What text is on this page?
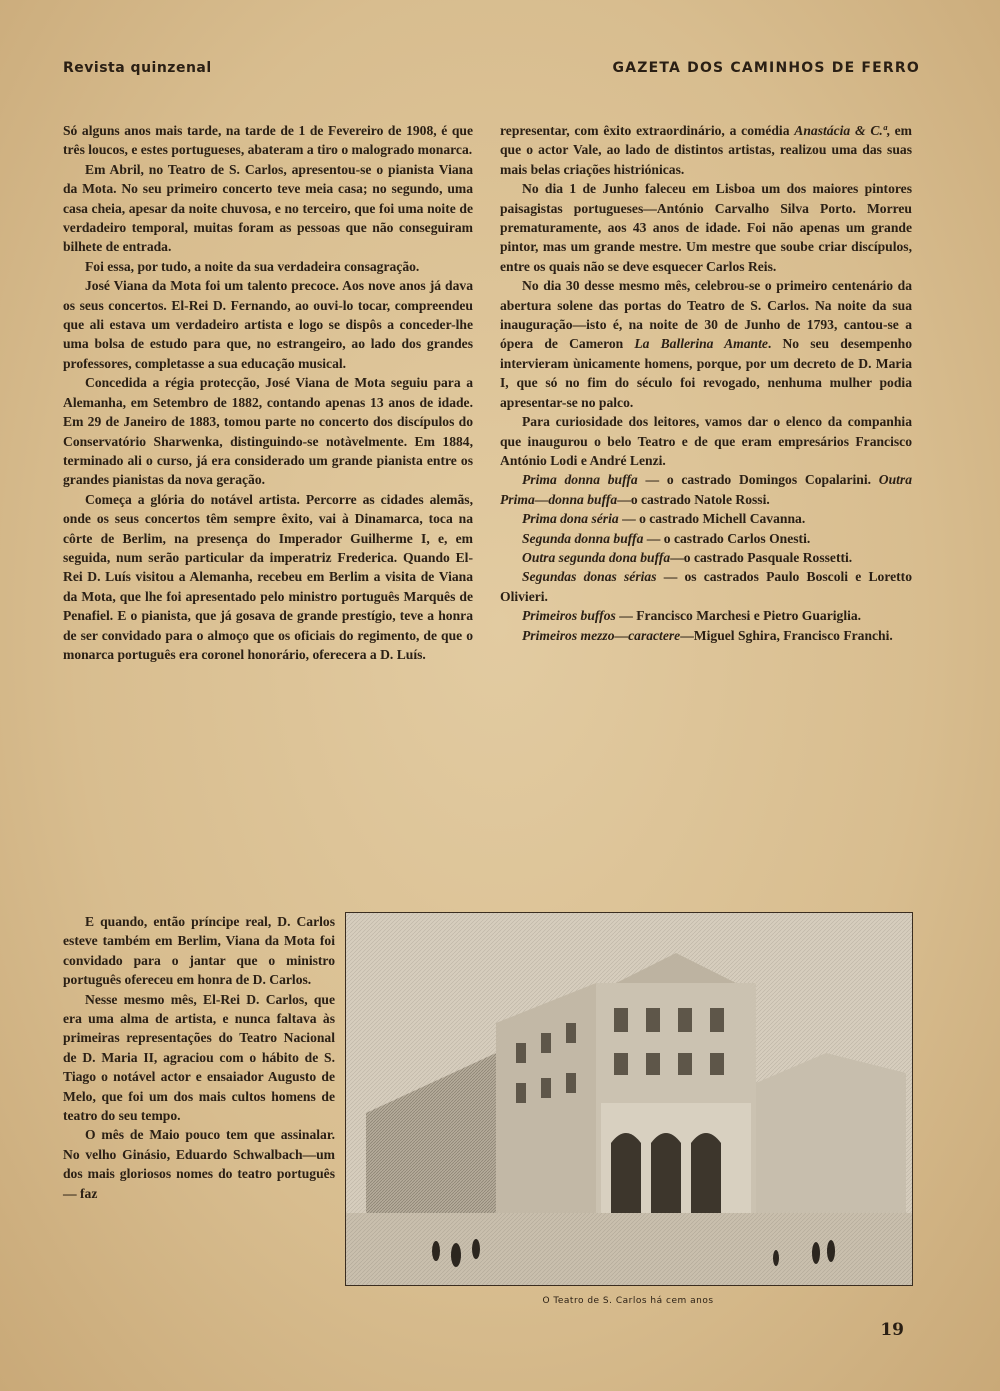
Revista quinzenal	GAZETA DOS CAMINHOS DE FERRO

Só alguns anos mais tarde, na tarde de 1 de Fevereiro de 1908, é que três loucos, e estes portugueses, abateram a tiro o malogrado monarca.

Em Abril, no Teatro de S. Carlos, apresentou-se o pianista Viana da Mota. No seu primeiro concerto teve meia casa; no segundo, uma casa cheia, apesar da noite chuvosa, e no terceiro, que foi uma noite de verdadeiro temporal, muitas foram as pessoas que não conseguiram bilhete de entrada.

Foi essa, por tudo, a noite da sua verdadeira consagração.

José Viana da Mota foi um talento precoce. Aos nove anos já dava os seus concertos. El-Rei D. Fernando, ao ouvi-lo tocar, compreendeu que ali estava um verdadeiro artista e logo se dispôs a conceder-lhe uma bolsa de estudo para que, no estrangeiro, ao lado dos grandes professores, completasse a sua educação musical.

Concedida a régia protecção, José Viana de Mota seguiu para a Alemanha, em Setembro de 1882, contando apenas 13 anos de idade. Em 29 de Janeiro de 1883, tomou parte no concerto dos discípulos do Conservatório Sharwenka, distinguindo-se notàvelmente. Em 1884, terminado ali o curso, já era considerado um grande pianista entre os grandes pianistas da nova geração.

Começa a glória do notável artista. Percorre as cidades alemãs, onde os seus concertos têm sempre êxito, vai à Dinamarca, toca na côrte de Berlim, na presença do Imperador Guilherme I, e, em seguida, num serão particular da imperatriz Frederica. Quando El-Rei D. Luís visitou a Alemanha, recebeu em Berlim a visita de Viana da Mota, que lhe foi apresentado pelo ministro português Marquês de Penafiel. E o pianista, que já gosava de grande prestígio, teve a honra de ser convidado para o almoço que os oficiais do regimento, de que o monarca português era coronel honorário, oferecera a D. Luís.

E quando, então príncipe real, D. Carlos esteve também em Berlim, Viana da Mota foi convidado para o jantar que o ministro português ofereceu em honra de D. Carlos.

Nesse mesmo mês, El-Rei D. Carlos, que era uma alma de artista, e nunca faltava às primeiras representações do Teatro Nacional de D. Maria II, agraciou com o hábito de S. Tiago o notável actor e ensaiador Augusto de Melo, que foi um dos mais cultos homens de teatro do seu tempo.

O mês de Maio pouco tem que assinalar. No velho Ginásio, Eduardo Schwalbach—um dos mais gloriosos nomes do teatro português — faz

representar, com êxito extraordinário, a comédia Anastácia & C.ª, em que o actor Vale, ao lado de distintos artistas, realizou uma das suas mais belas criações histriónicas.

No dia 1 de Junho faleceu em Lisboa um dos maiores pintores paisagistas portugueses—António Carvalho Silva Porto. Morreu prematuramente, aos 43 anos de idade. Foi não apenas um grande pintor, mas um grande mestre. Um mestre que soube criar discípulos, entre os quais não se deve esquecer Carlos Reis.

No dia 30 desse mesmo mês, celebrou-se o primeiro centenário da abertura solene das portas do Teatro de S. Carlos. Na noite da sua inauguração—isto é, na noite de 30 de Junho de 1793, cantou-se a ópera de Cameron La Ballerina Amante. No seu desempenho intervieram ùnicamente homens, porque, por um decreto de D. Maria I, que só no fim do século foi revogado, nenhuma mulher podia apresentar-se no palco.

Para curiosidade dos leitores, vamos dar o elenco da companhia que inaugurou o belo Teatro e de que eram empresários Francisco António Lodi e André Lenzi.

Prima donna buffa — o castrado Domingos Copalarini. Outra Prima—donna buffa—o castrado Natole Rossi.

Prima dona séria — o castrado Michell Cavanna.

Segunda donna buffa — o castrado Carlos Onesti.

Outra segunda dona buffa—o castrado Pasquale Rossetti.

Segundas donas sérias — os castrados Paulo Boscoli e Loretto Olivieri.

Primeiros buffos — Francisco Marchesi e Pietro Guariglia.

Primeiros mezzo—caractere—Miguel Sghira, Francisco Franchi.

O Teatro de S. Carlos há cem anos
19
